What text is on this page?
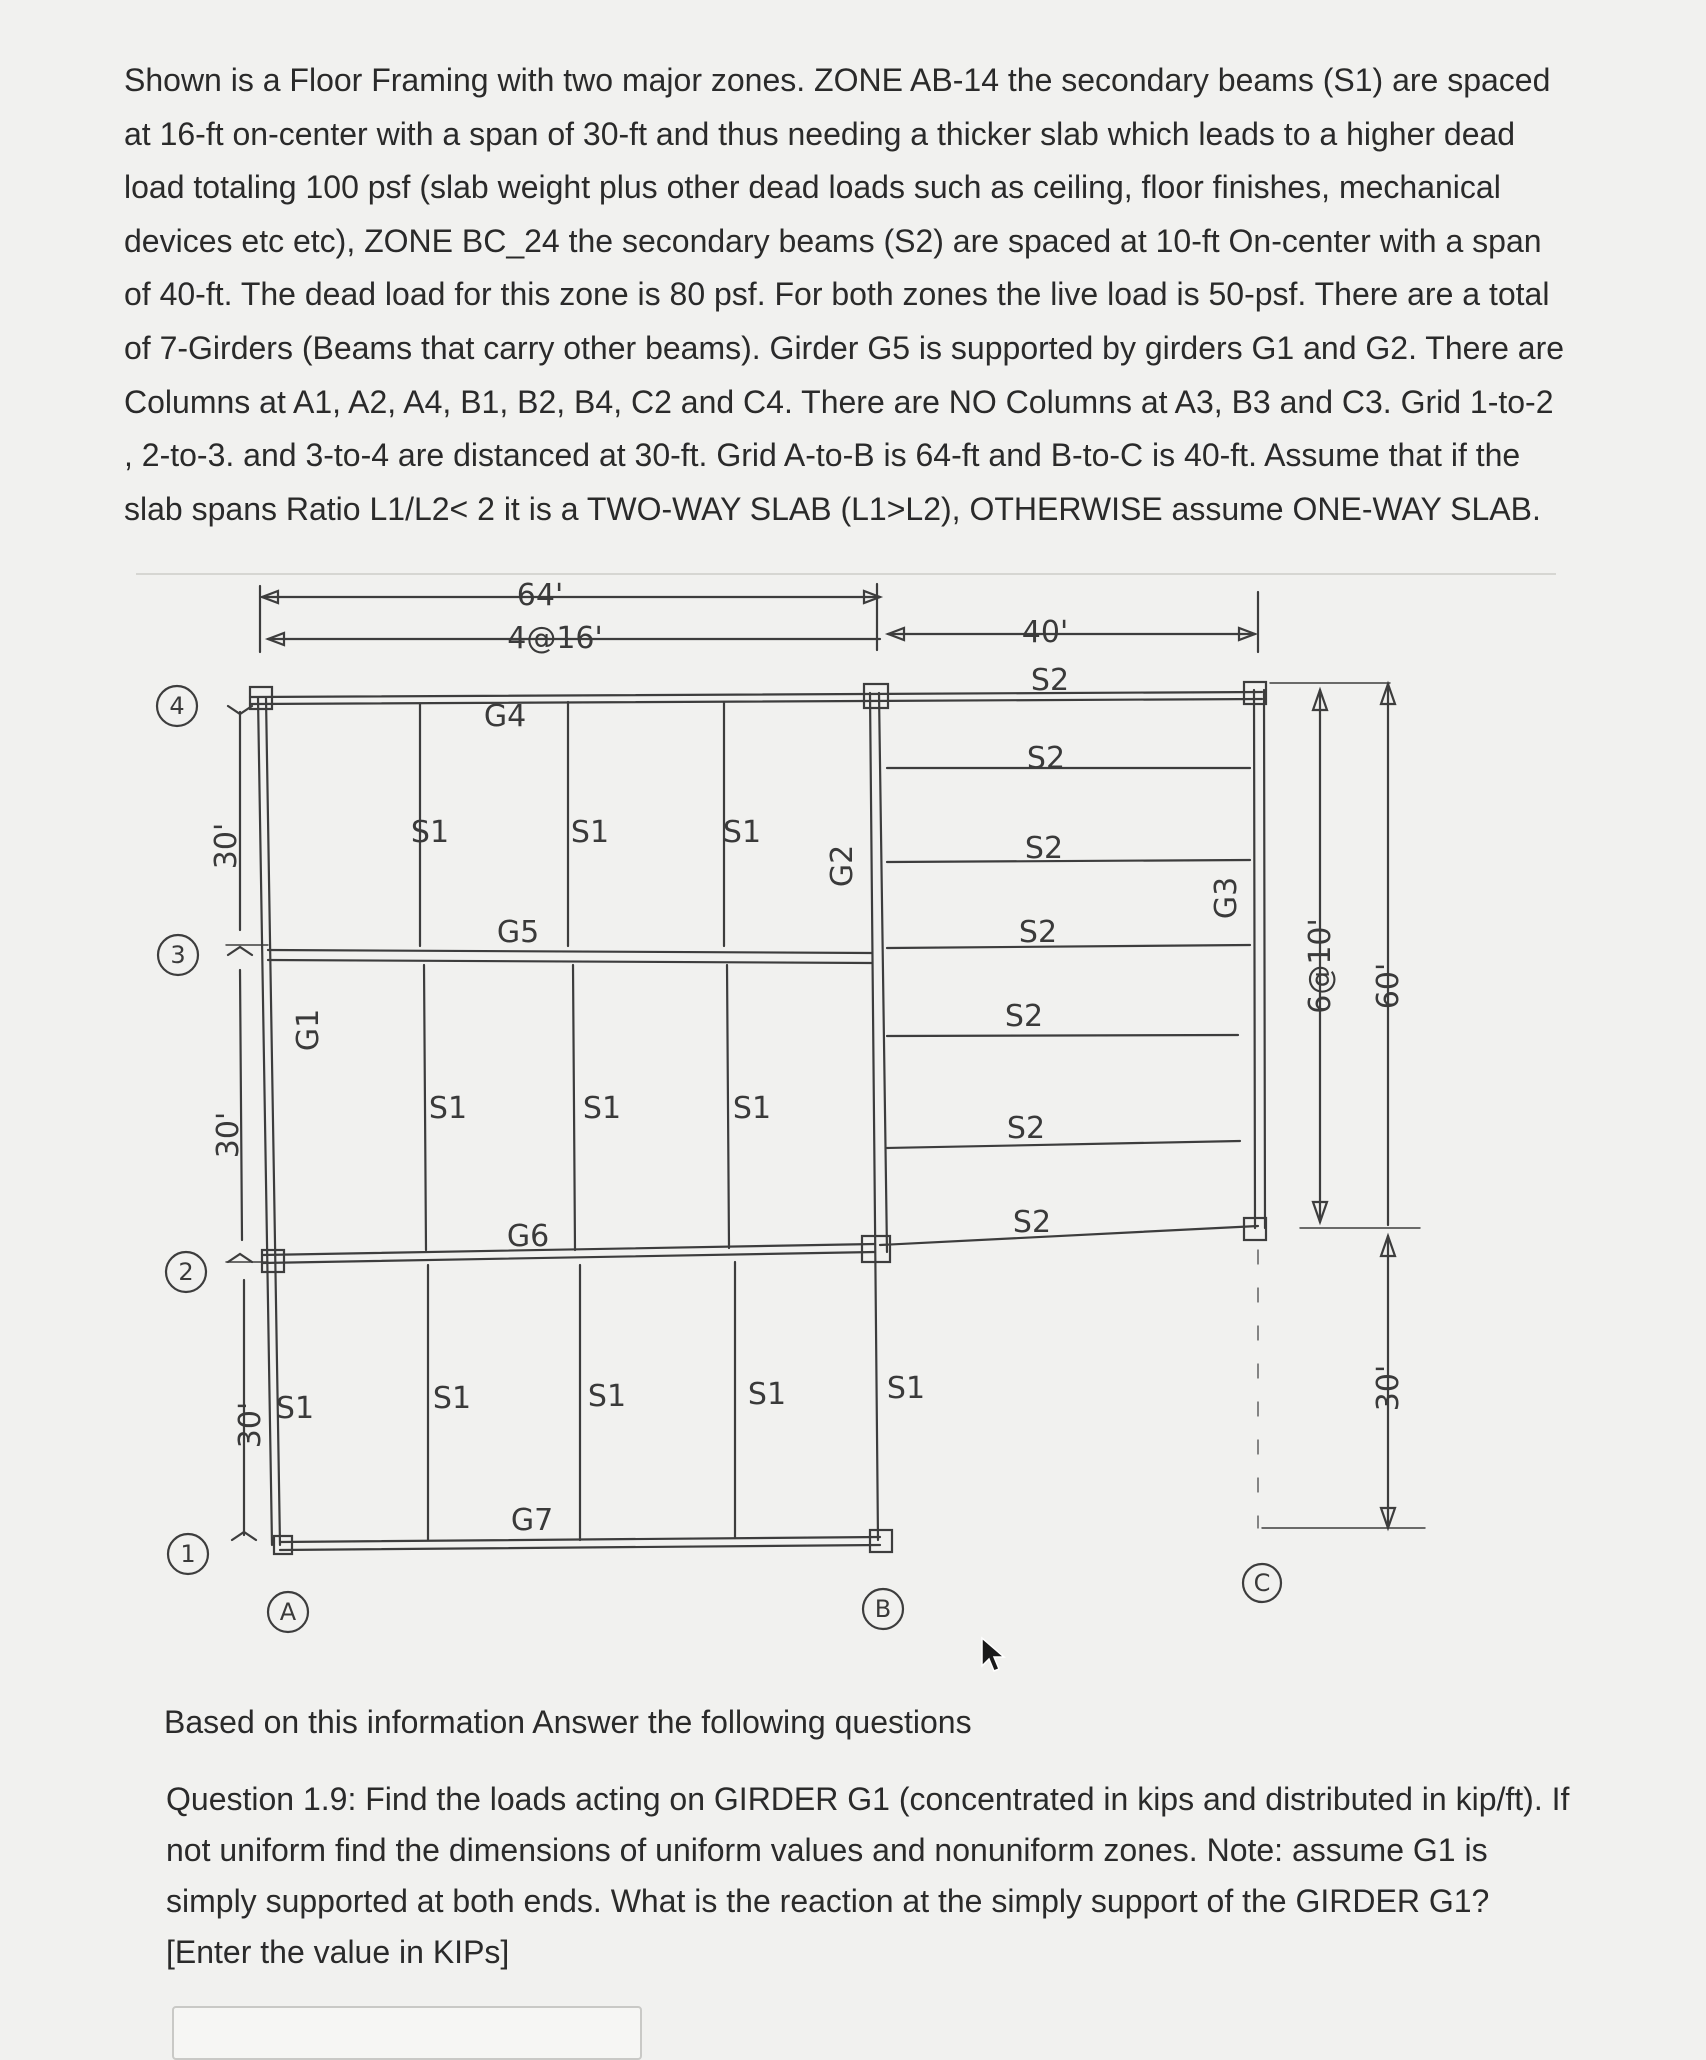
Shown is a Floor Framing with two major zones. ZONE AB-14 the secondary beams (S1) are spaced at 16-ft on-center with a span of 30-ft and thus needing a thicker slab which leads to a higher dead load totaling 100 psf (slab weight plus other dead loads such as ceiling, floor finishes, mechanical devices etc etc), ZONE BC_24 the secondary beams (S2) are spaced at 10-ft On-center with a span of 40-ft. The dead load for this zone is 80 psf. For both zones the live load is 50-psf. There are a total of 7-Girders (Beams that carry other beams). Girder G5 is supported by girders G1 and G2. There are Columns at A1, A2, A4, B1, B2, B4, C2 and C4. There are NO Columns at A3, B3 and C3. Grid 1-to-2 , 2-to-3. and 3-to-4 are distanced at 30-ft. Grid A-to-B is 64-ft and B-to-C is 40-ft. Assume that if the slab spans Ratio L1/L2< 2 it is a TWO-WAY SLAB (L1>L2), OTHERWISE assume ONE-WAY SLAB.

64'
4@16'	40'
G4
G5
G6
G7
G1
G2
G3
S1	S1	S1
S1	S1	S1
S1	S1	S1	S1	S1
S2
S2
S2
S2
S2
S2
S2
30'
30'
30'
6@10' 60'
30'
4
3
2
1
A	B
C

Based on this information Answer the following questions

Question 1.9: Find the loads acting on GIRDER G1 (concentrated in kips and distributed in kip/ft). If not uniform find the dimensions of uniform values and nonuniform zones. Note: assume G1 is simply supported at both ends. What is the reaction at the simply support of the GIRDER G1? [Enter the value in KIPs]
